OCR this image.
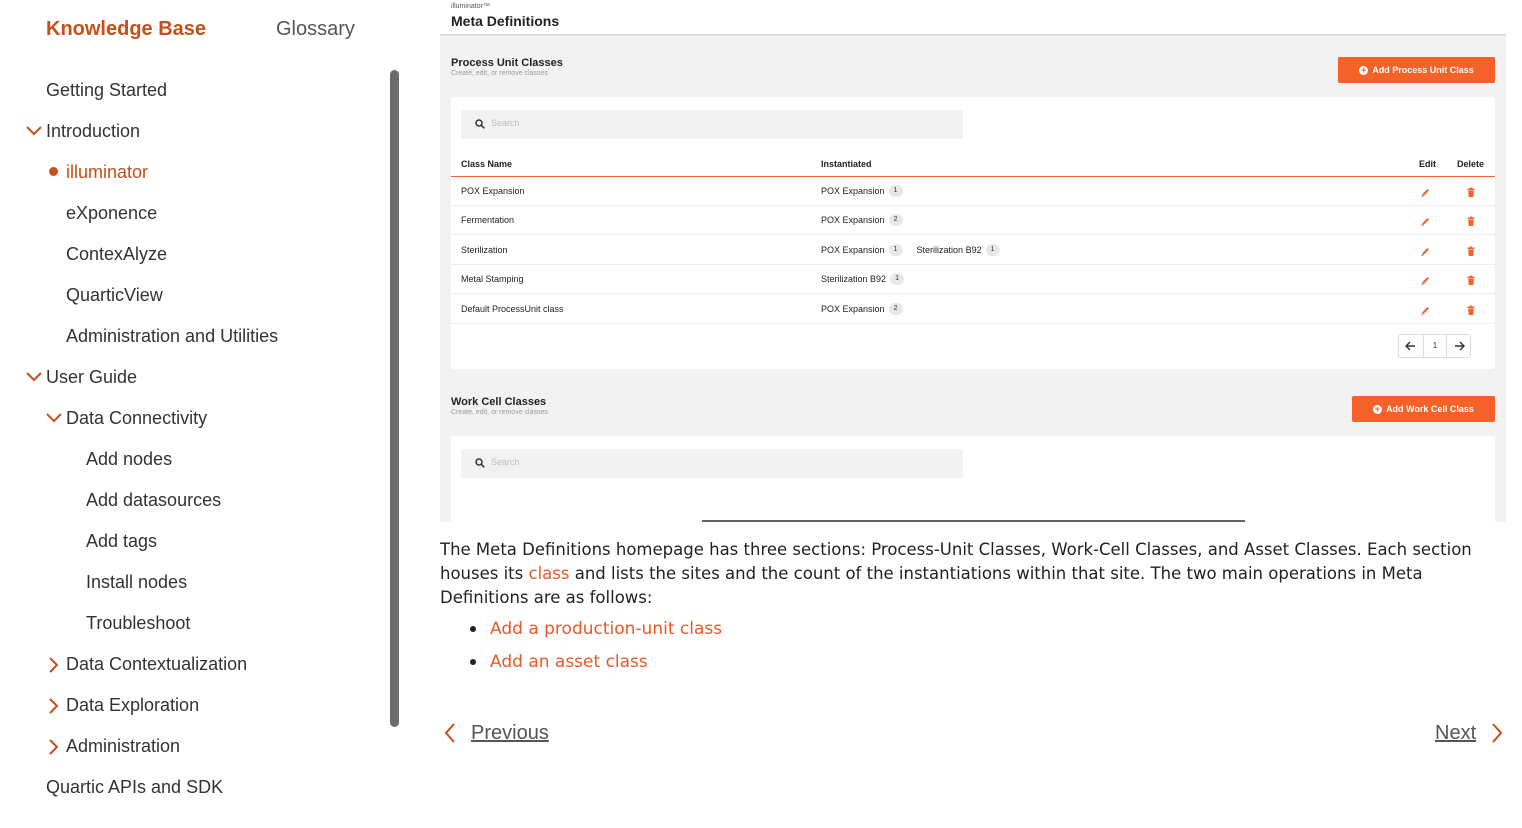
Knowledge Base	Glossary
Getting Started
Introduction
illuminator
eXponence
ContexAlyze
QuarticView
Administration and Utilities
User Guide
Data Connectivity
Add nodes
Add datasources
Add tags
Install nodes
Troubleshoot
Data Contextualization
Data Exploration
Administration
Quartic APIs and SDK
illuminator™
Meta Definitions
Process Unit Classes
Create, edit, or remove classes	+ Add Process Unit Class
Search
Class Name	Instantiated	Edit Delete
POX Expansion	POX Expansion	1
Fermentation	POX Expansion	2
Sterilization	POX Expansion	1	Sterilization B92	1
Metal Stamping	Sterilization B92	1
Default ProcessUnit class	POX Expansion	2
1
Work Cell Classes
Create, edit, or remove classes	+ Add Work Cell Class
Search

The Meta Definitions homepage has three sections: Process-Unit Classes, Work-Cell Classes, and Asset Classes. Each section houses its class and lists the sites and the count of the instantiations within that site. The two main operations in Meta Definitions are as follows:

Add a production-unit class
Add an asset class
Previous	Next
